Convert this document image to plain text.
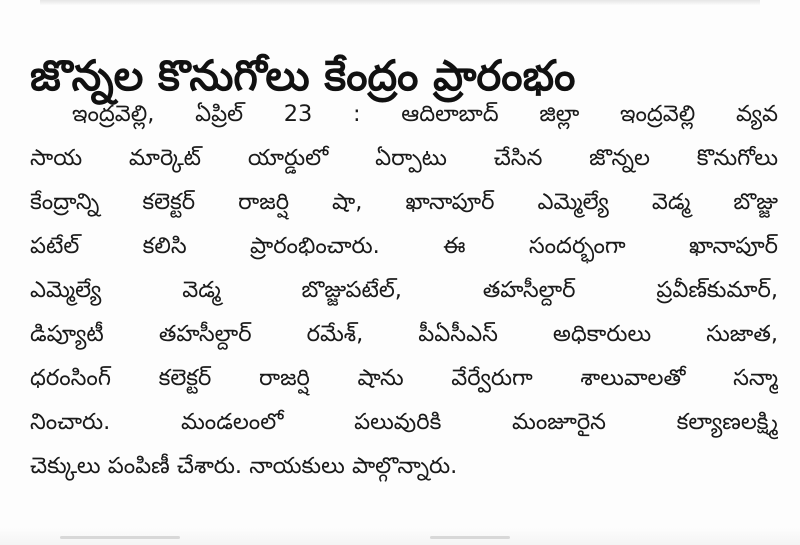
జొన్నల కొనుగోలు కేంద్రం ప్రారంభం
ఇంద్రవెల్లి, ఏప్రిల్ 23 : ఆదిలాబాద్ జిల్లా ఇంద్రవెల్లి వ్యవ
సాయ మార్కెట్ యార్డులో ఏర్పాటు చేసిన జొన్నల కొనుగోలు
కేంద్రాన్ని కలెక్టర్ రాజర్షి షా, ఖానాపూర్ ఎమ్మెల్యే వెడ్మ బొజ్జు
పటేల్ కలిసి ప్రారంభించారు. ఈ సందర్భంగా ఖానాపూర్
ఎమ్మెల్యే వెడ్మ బొజ్జుపటేల్, తహసీల్దార్ ప్రవీణ్‌కుమార్,
డిప్యూటీ తహసీల్దార్ రమేశ్, పీఏసీఎస్ అధికారులు సుజాత,
ధరంసింగ్ కలెక్టర్ రాజర్షి షాను వేర్వేరుగా శాలువాలతో సన్మా
నించారు. మండలంలో పలువురికి మంజూరైన కల్యాణలక్ష్మి
చెక్కులు పంపిణీ చేశారు. నాయకులు పాల్గొన్నారు.
